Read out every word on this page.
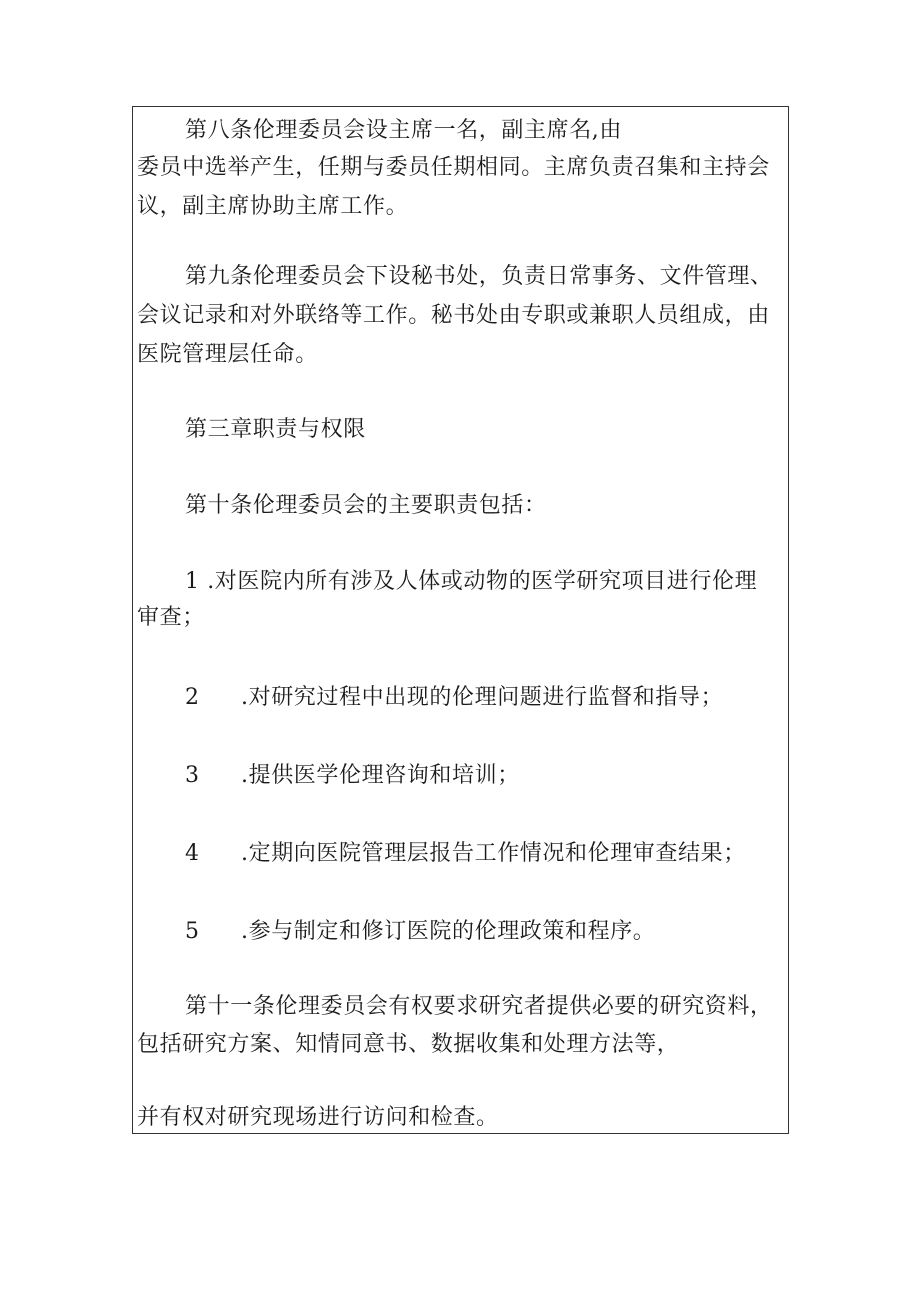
第八条伦理委员会设主席一名，副主席名,由
委员中选举产生，任期与委员任期相同。主席负责召集和主持会
议，副主席协助主席工作。
第九条伦理委员会下设秘书处，负责日常事务、文件管理、
会议记录和对外联络等工作。秘书处由专职或兼职人员组成，由
医院管理层任命。
第三章职责与权限
第十条伦理委员会的主要职责包括：
1 .对医院内所有涉及人体或动物的医学研究项目进行伦理
审查；
2 .对研究过程中出现的伦理问题进行监督和指导；
3 .提供医学伦理咨询和培训；
4 .定期向医院管理层报告工作情况和伦理审查结果；
5 .参与制定和修订医院的伦理政策和程序。
第十一条伦理委员会有权要求研究者提供必要的研究资料，
包括研究方案、知情同意书、数据收集和处理方法等，
并有权对研究现场进行访问和检查。
